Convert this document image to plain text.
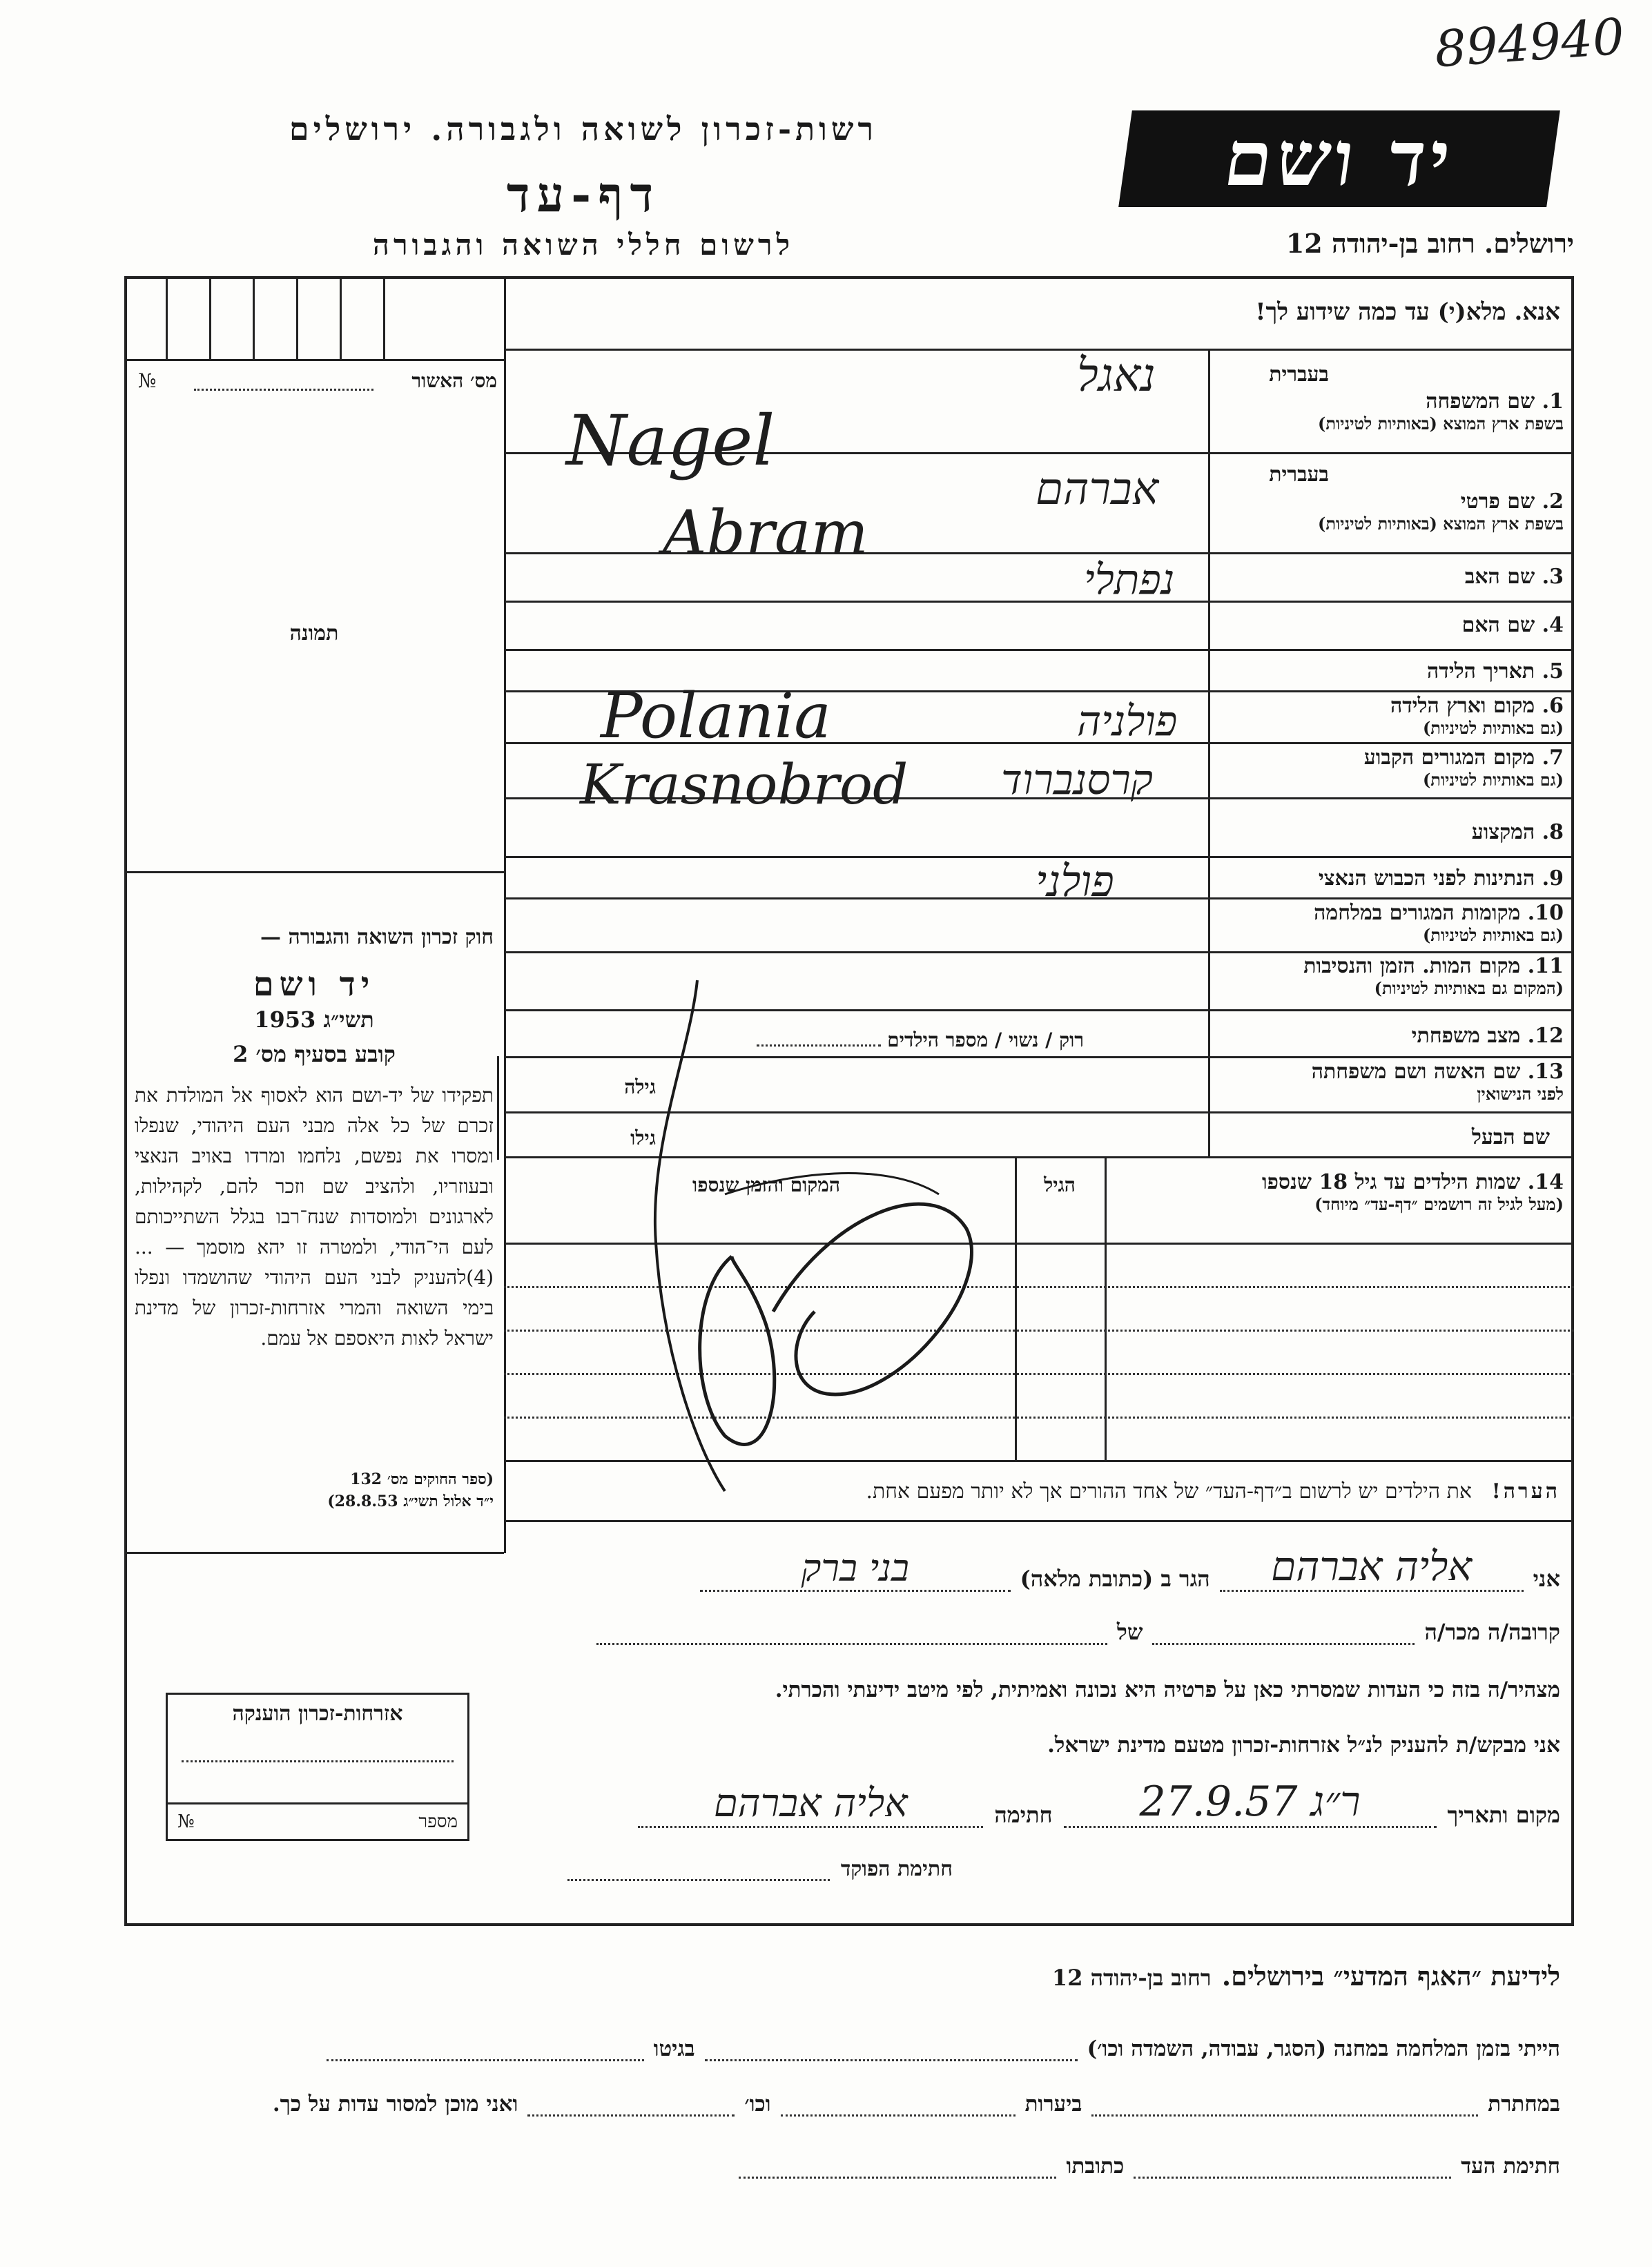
894940
רשות-זכרון לשואה ולגבורה. ירושלים
דף-עד
לרשום חללי השואה והגבורה
יד ושם
ירושלים. רחוב בן-יהודה 12
מס׳ האשור
№
תמונה
חוק זכרון השואה והגבורה —
יד ושם
תשי״ג 1953
קובע בסעיף מס׳ 2
תפקידו של יד-ושם הוא לאסוף אל המולדת את זכרם של כל אלה מבני העם היהודי, שנפלו ומסרו את נפשם, נלחמו ומרדו באויב הנאצי ובעוזריו, ולהציב שם וזכר להם, לקהילות, לארגונים ולמוסדות שנח־רבו בגלל השתייכותם לעם הי־הודי, ולמטרה זו יהא מוסמך — ...(4)להעניק לבני העם היהודי שהושמדו ונפלו בימי השואה והמרי אזרחות-זכרון של מדינת ישראל לאות היאספם אל עמם.
(ספר החוקים מס׳ 132
י״ד אלול תשי״ג 28.8.53)
אזרחות-זכרון הוענקה
מספר
№
אנא. מלא(י) עד כמה שידוע לך!
בעברית
1. שם המשפחה
בשפת ארץ המוצא (באותיות לטיניות)
בעברית
2. שם פרטי
בשפת ארץ המוצא (באותיות לטיניות)
3. שם האב
4. שם האם
5. תאריך הלידה
6. מקום וארץ הלידה
(גם באותיות לטיניות)
7. מקום המגורים הקבוע
(גם באותיות לטיניות)
8. המקצוע
9. הנתינות לפני הכבוש הנאצי
10. מקומות המגורים במלחמה
(גם באותיות לטיניות)
11. מקום המות. הזמן והנסיבות
(המקום גם באותיות לטיניות)
12. מצב משפחתי
רוק / נשוי / מספר הילדים
13. שם האשה ושם משפחתה
לפני הנישואין
גילה
שם הבעל
גילו
14. שמות הילדים עד גיל 18 שנספו
(מעל לגיל זה רושמים ״דף-עד״ מיוחד)
הגיל
המקום והזמן שנספו
הערה!   את הילדים יש לרשום ב״דף-העד״ של אחד ההורים אך לא יותר מפעם אחת.
נאגל
Nagel
אברהם
Abram
נפתלי
Polania	פולניה
Krasnobrod קרסנברוד
פולני
אני
אליה אברהם
הגר ב (כתובת מלאה)
בני ברק
קרובה/ה מכר/ה
של
מצהיר/ה בזה כי העדות שמסרתי כאן על פרטיה היא נכונה ואמיתית, לפי מיטב ידיעתי והכרתי.
אני מבקש/ת להעניק לנ״ל אזרחות-זכרון מטעם מדינת ישראל.
מקום ותאריך
ר״ג 27.9.57
חתימה
אליה אברהם
חתימת הפוקד
לידיעת ״האגף המדעי״ בירושלים.   רחוב בן-יהודה 12
הייתי בזמן המלחמה במחנה (הסגר, עבודה, השמדה וכו׳)
בגיטו
במחתרת
ביערות
וכו׳
ואני מוכן למסור עדות על כך.
חתימת העד
כתובתו
